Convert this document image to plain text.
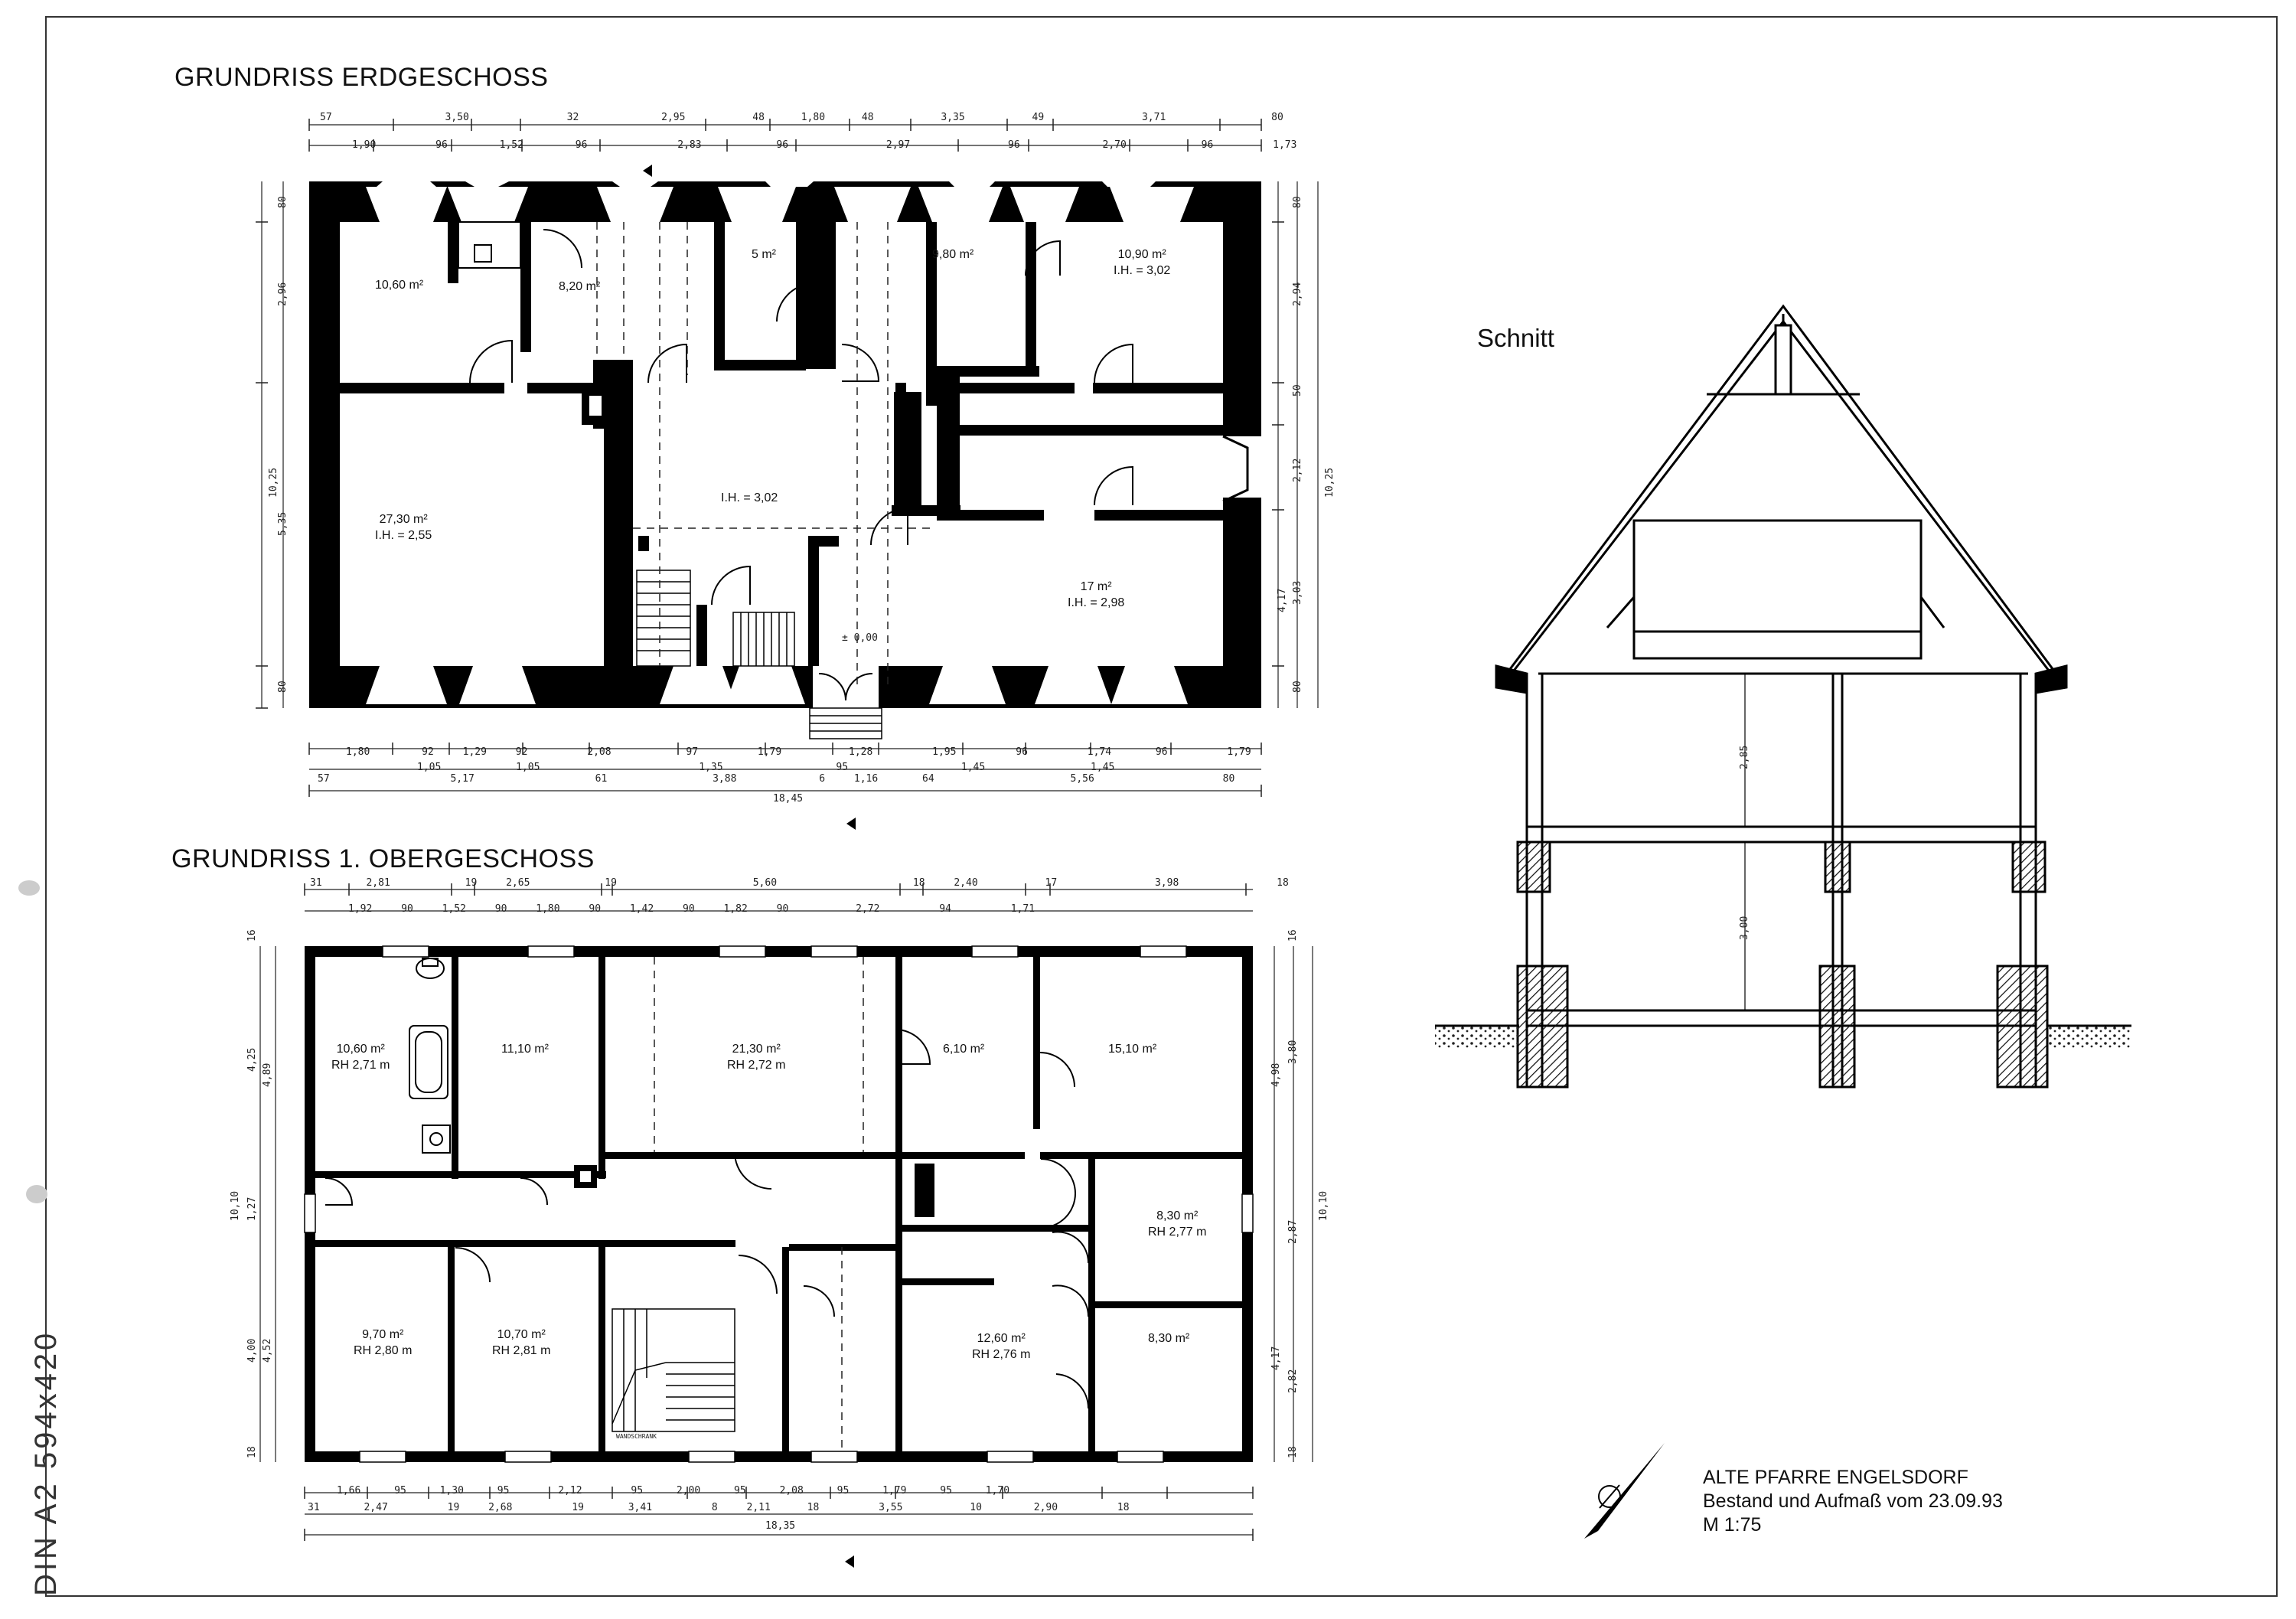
GRUNDRISS ERDGESCHOSS
GRUNDRISS 1. OBERGESCHOSS
Schnitt
10,60 m²	8,20 m²
5 m²	9,80 m²	10,90 m²
I.H. = 3,02
27,30 m²
I.H. = 2,55
I.H. = 3,02
17 m²
I.H. = 2,98
± 0,00
57	3,50	32	2,95	48	1,80	48	3,35	49	3,71	80
1,90	96	1,52	96	2,83	96	2,97	96	2,70	96	1,73
1,80	92	1,29	92	2,08	97	1,79	1,28	1,95	96	1,74	96	1,79
1,05	1,05	1,35	95	1,45	1,45
57	5,17	61	3,88	6	1,16	64	5,56	80
18,45
10,25
80
2,96
5,35
80
10,25
80
2,94
50
2,12
4,17 3,03
80
10,60 m²
RH 2,71 m
11,10 m²	21,30 m²
RH 2,72 m
6,10 m²	15,10 m²
8,30 m²
RH 2,77 m
9,70 m²
RH 2,80 m
10,70 m²
RH 2,81 m
12,60 m²
RH 2,76 m
8,30 m²
WANDSCHRANK
31	2,81	19	2,65	19	5,60	18	2,40	17	3,98	18
1,92	90	1,52	90	1,80	90	1,42	90	1,82	90	2,72	94	1,71
1,66	95	1,30	95	2,12	95	2,00	95	2,08	95	1,79	95	1,70
31	2,47	19	2,68	19	3,41	8	2,11	18	3,55	10	2,90	18
18,35
10,10
16
4,25
4,89
1,27
4,00 4,52
18
10,10
16
3,80
4,98
2,87
4,17
2,82
18
2,85
3,00
ALTE PFARRE ENGELSDORF
Bestand und Aufmaß vom 23.09.93
M 1:75
DIN A2 594x420
